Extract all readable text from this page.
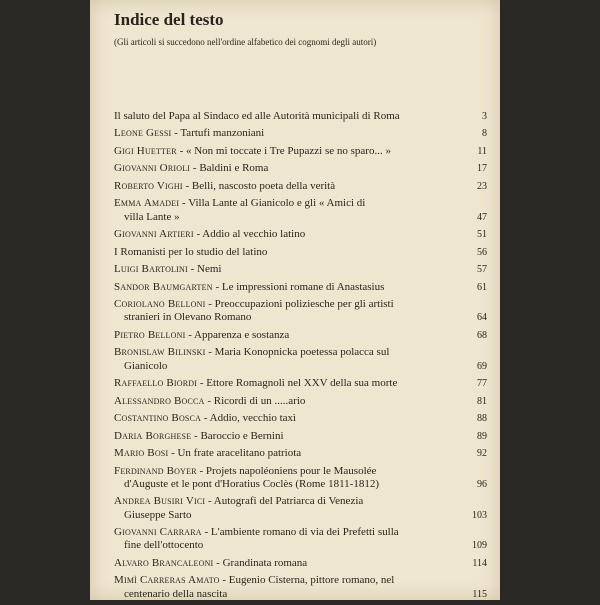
Indice del testo
(Gli articoli si succedono nell'ordine alfabetico dei cognomi degli autori)
Il saluto del Papa al Sindaco ed alle Autorità municipali di Roma	3
Leone Gessi - Tartufi manzoniani	8
Gigi Huetter - « Non mi toccate i Tre Pupazzi se no sparo... »	11
Giovanni Orioli - Baldini e Roma	17
Roberto Vighi - Belli, nascosto poeta della verità	23
Emma Amadei - Villa Lante al Gianicolo e gli « Amici di
villa Lante »	47
Giovanni Artieri - Addio al vecchio latino	51
I Romanisti per lo studio del latino	56
Luigi Bartolini - Nemi	57
Sandor Baumgarten - Le impressioni romane di Anastasius	61
Coriolano Belloni - Preoccupazioni poliziesche per gli artisti
stranieri in Olevano Romano	64
Pietro Belloni - Apparenza e sostanza	68
Bronislaw Bilinski - Maria Konopnicka poetessa polacca sul
Gianicolo	69
Raffaello Biordi - Ettore Romagnoli nel XXV della sua morte	77
Alessandro Bocca - Ricordi di un .....ario	81
Costantino Bosca - Addio, vecchio taxì	88
Daria Borghese - Baroccio e Bernini	89
Mario Bosi - Un frate aracelitano patriota	92
Ferdinand Boyer - Projets napoléoniens pour le Mausolée
d'Auguste et le pont d'Horatius Coclès (Rome 1811-1812)	96
Andrea Busiri Vici - Autografi del Patriarca di Venezia
Giuseppe Sarto	103
Giovanni Carrara - L'ambiente romano di via dei Prefetti sulla
fine dell'ottocento	109
Alvaro Brancaleoni - Grandinata romana	114
Mimì Carreras Amato - Eugenio Cisterna, pittore romano, nel
centenario della nascita	115
